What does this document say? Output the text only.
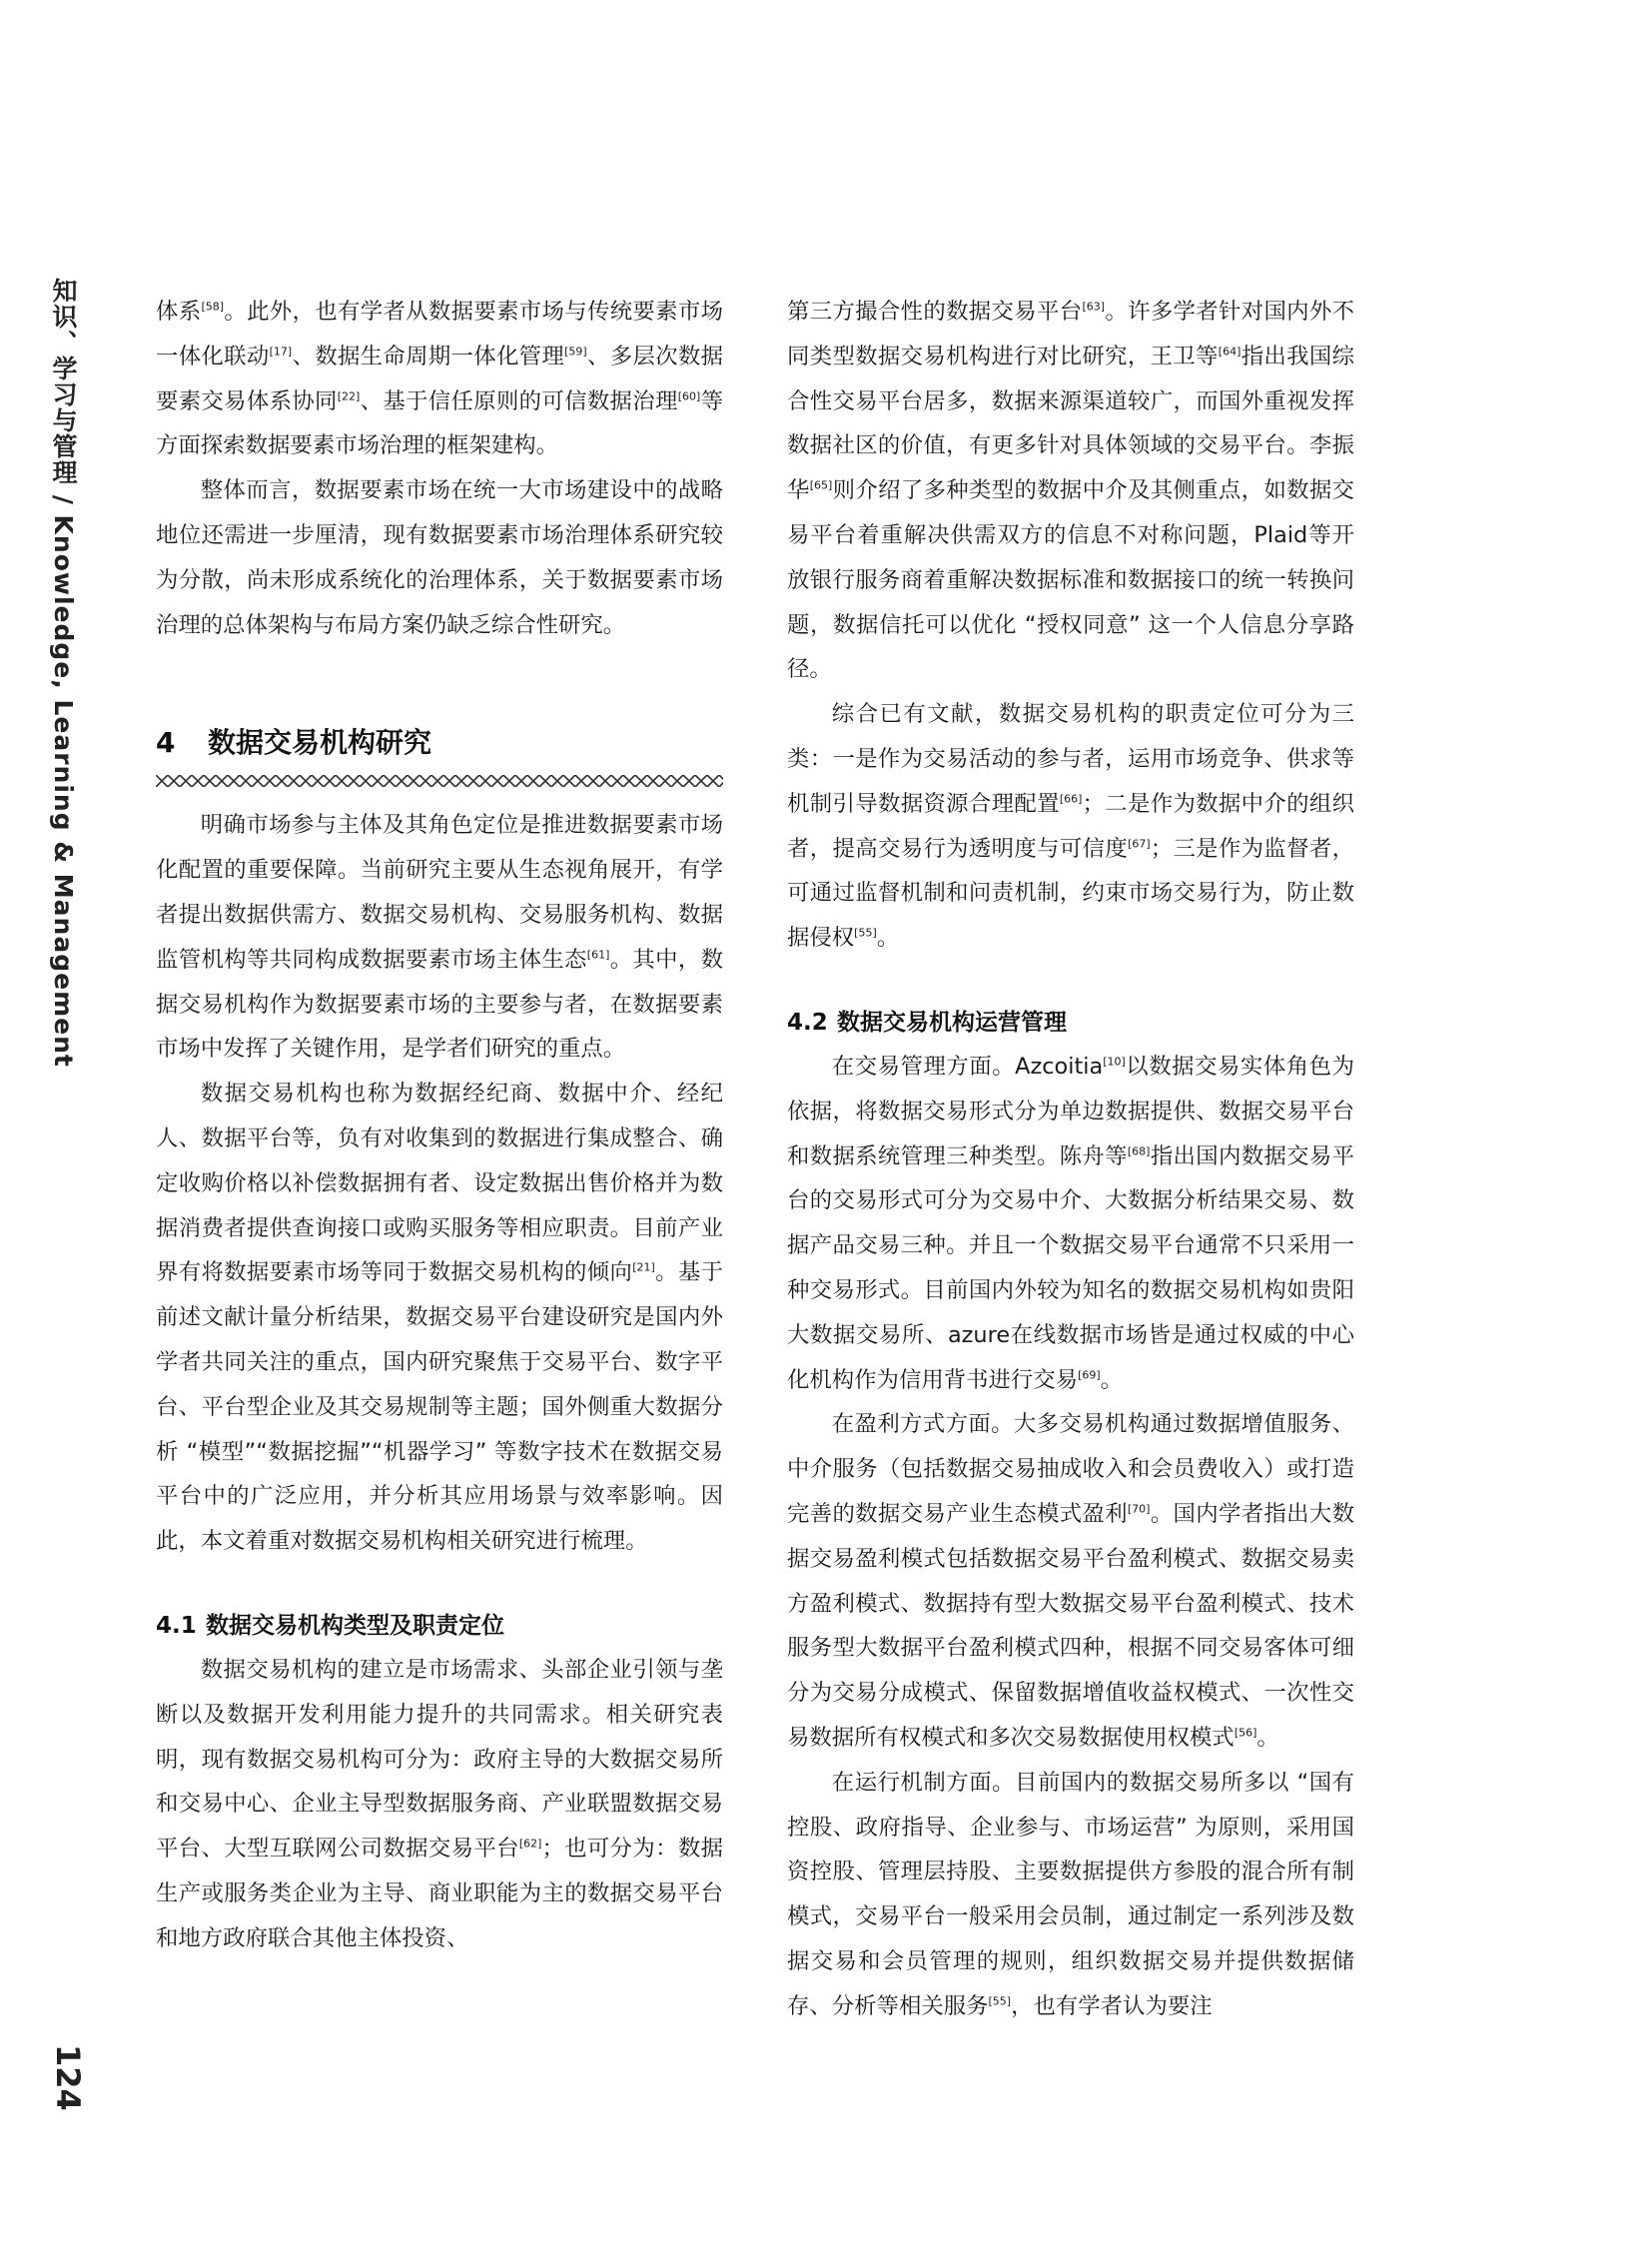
知识、学习与管理 / Knowledge, Learning & Management
124

体系[58]。此外，也有学者从数据要素市场与传统要素市场一体化联动[17]、数据生命周期一体化管理[59]、多层次数据要素交易体系协同[22]、基于信任原则的可信数据治理[60]等方面探索数据要素市场治理的框架建构。

整体而言，数据要素市场在统一大市场建设中的战略地位还需进一步厘清，现有数据要素市场治理体系研究较为分散，尚未形成系统化的治理体系，关于数据要素市场治理的总体架构与布局方案仍缺乏综合性研究。

4 数据交易机构研究

明确市场参与主体及其角色定位是推进数据要素市场化配置的重要保障。当前研究主要从生态视角展开，有学者提出数据供需方、数据交易机构、交易服务机构、数据监管机构等共同构成数据要素市场主体生态[61]。其中，数据交易机构作为数据要素市场的主要参与者，在数据要素市场中发挥了关键作用，是学者们研究的重点。

数据交易机构也称为数据经纪商、数据中介、经纪人、数据平台等，负有对收集到的数据进行集成整合、确定收购价格以补偿数据拥有者、设定数据出售价格并为数据消费者提供查询接口或购买服务等相应职责。目前产业界有将数据要素市场等同于数据交易机构的倾向[21]。基于前述文献计量分析结果，数据交易平台建设研究是国内外学者共同关注的重点，国内研究聚焦于交易平台、数字平台、平台型企业及其交易规制等主题；国外侧重大数据分析 “模型”“数据挖掘”“机器学习” 等数字技术在数据交易平台中的广泛应用，并分析其应用场景与效率影响。因此，本文着重对数据交易机构相关研究进行梳理。

4.1 数据交易机构类型及职责定位

数据交易机构的建立是市场需求、头部企业引领与垄断以及数据开发利用能力提升的共同需求。相关研究表明，现有数据交易机构可分为：政府主导的大数据交易所和交易中心、企业主导型数据服务商、产业联盟数据交易平台、大型互联网公司数据交易平台[62]；也可分为：数据生产或服务类企业为主导、商业职能为主的数据交易平台和地方政府联合其他主体投资、

第三方撮合性的数据交易平台[63]。许多学者针对国内外不同类型数据交易机构进行对比研究，王卫等[64]指出我国综合性交易平台居多，数据来源渠道较广，而国外重视发挥数据社区的价值，有更多针对具体领域的交易平台。李振华[65]则介绍了多种类型的数据中介及其侧重点，如数据交易平台着重解决供需双方的信息不对称问题，Plaid等开放银行服务商着重解决数据标准和数据接口的统一转换问题，数据信托可以优化 “授权同意” 这一个人信息分享路径。

综合已有文献，数据交易机构的职责定位可分为三类：一是作为交易活动的参与者，运用市场竞争、供求等机制引导数据资源合理配置[66]；二是作为数据中介的组织者，提高交易行为透明度与可信度[67]；三是作为监督者，可通过监督机制和问责机制，约束市场交易行为，防止数据侵权[55]。

4.2 数据交易机构运营管理

在交易管理方面。Azcoitia[10]以数据交易实体角色为依据，将数据交易形式分为单边数据提供、数据交易平台和数据系统管理三种类型。陈舟等[68]指出国内数据交易平台的交易形式可分为交易中介、大数据分析结果交易、数据产品交易三种。并且一个数据交易平台通常不只采用一种交易形式。目前国内外较为知名的数据交易机构如贵阳大数据交易所、azure在线数据市场皆是通过权威的中心化机构作为信用背书进行交易[69]。

在盈利方式方面。大多交易机构通过数据增值服务、中介服务（包括数据交易抽成收入和会员费收入）或打造完善的数据交易产业生态模式盈利[70]。国内学者指出大数据交易盈利模式包括数据交易平台盈利模式、数据交易卖方盈利模式、数据持有型大数据交易平台盈利模式、技术服务型大数据平台盈利模式四种，根据不同交易客体可细分为交易分成模式、保留数据增值收益权模式、一次性交易数据所有权模式和多次交易数据使用权模式[56]。

在运行机制方面。目前国内的数据交易所多以 “国有控股、政府指导、企业参与、市场运营” 为原则，采用国资控股、管理层持股、主要数据提供方参股的混合所有制模式，交易平台一般采用会员制，通过制定一系列涉及数据交易和会员管理的规则，组织数据交易并提供数据储存、分析等相关服务[55]，也有学者认为要注
